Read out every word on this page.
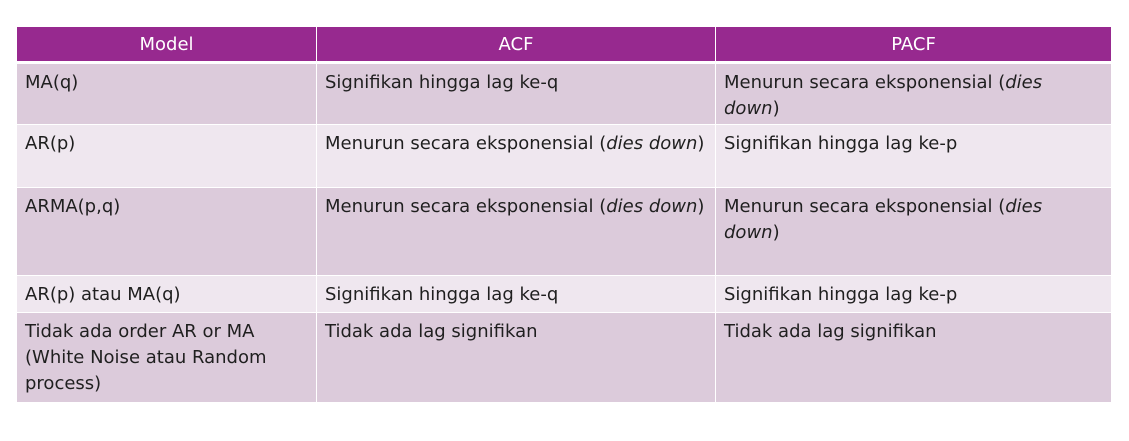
Model	ACF	PACF
MA(q)	Signifikan hingga lag ke-q	Menurun secara eksponensial (dies down)
AR(p)	Menurun secara eksponensial (dies down)	Signifikan hingga lag ke-p
ARMA(p,q)	Menurun secara eksponensial (dies down)	Menurun secara eksponensial (dies down)
AR(p) atau MA(q)	Signifikan hingga lag ke-q	Signifikan hingga lag ke-p
Tidak ada order AR or MA (White Noise atau Random process)	Tidak ada lag signifikan	Tidak ada lag signifikan
